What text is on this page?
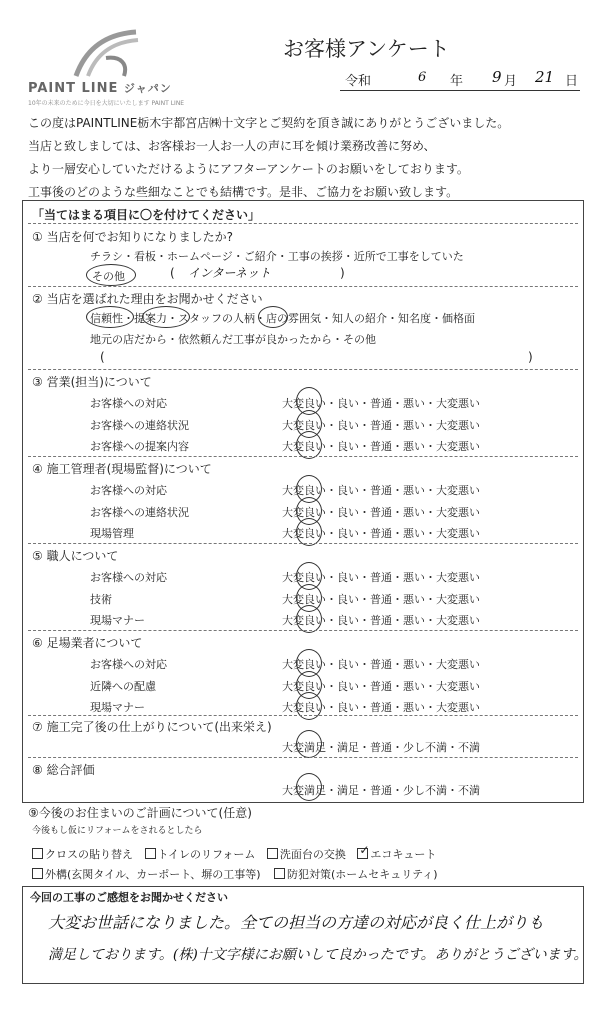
PAINT LINE ジャパン
10年の未来のために今日を大切にいたします PAINT LINE
お客様アンケート
令和	6 年 9 月 21 日
この度はPAINTLINE栃木宇都宮店㈱十文字とご契約を頂き誠にありがとうございました。
当店と致しましては、お客様お一人お一人の声に耳を傾け業務改善に努め、
より一層安心していただけるようにアフターアンケートのお願いをしております。
工事後のどのような些細なことでも結構です。是非、ご協力をお願い致します。
「当てはまる項目に〇を付けてください」
① 当店を何でお知りになりましたか?
チラシ・看板・ホームページ・ご紹介・工事の挨拶・近所で工事をしていた
その他	( インターネット	)
② 当店を選ばれた理由をお聞かせください
信頼性・提案力・スタッフの人柄・店の雰囲気・知人の紹介・知名度・価格面
地元の店だから・依然頼んだ工事が良かったから・その他
(	)
③ 営業(担当)について
お客様への対応	大変良い・良い・普通・悪い・大変悪い
お客様への連絡状況	大変良い・良い・普通・悪い・大変悪い
お客様への提案内容	大変良い・良い・普通・悪い・大変悪い
④ 施工管理者(現場監督)について
お客様への対応	大変良い・良い・普通・悪い・大変悪い
お客様への連絡状況	大変良い・良い・普通・悪い・大変悪い
現場管理	大変良い・良い・普通・悪い・大変悪い
⑤ 職人について
お客様への対応	大変良い・良い・普通・悪い・大変悪い
技術	大変良い・良い・普通・悪い・大変悪い
現場マナー	大変良い・良い・普通・悪い・大変悪い
⑥ 足場業者について
お客様への対応	大変良い・良い・普通・悪い・大変悪い
近隣への配慮	大変良い・良い・普通・悪い・大変悪い
現場マナー	大変良い・良い・普通・悪い・大変悪い
⑦ 施工完了後の仕上がりについて(出来栄え)
大変満足・満足・普通・少し不満・不満
⑧ 総合評価
大変満足・満足・普通・少し不満・不満
⑨今後のお住まいのご計画について(任意)
今後もし仮にリフォームをされるとしたら
クロスの貼り替え トイレのリフォーム 洗面台の交換 ✓ エコキュート
外構(玄関タイル、カーポート、塀の工事等) 防犯対策(ホームセキュリティ)
今回の工事のご感想をお聞かせください
大変お世話になりました。全ての担当の方達の対応が良く仕上がりも
満足しております。(株)十文字様にお願いして良かったです。ありがとうございます。
